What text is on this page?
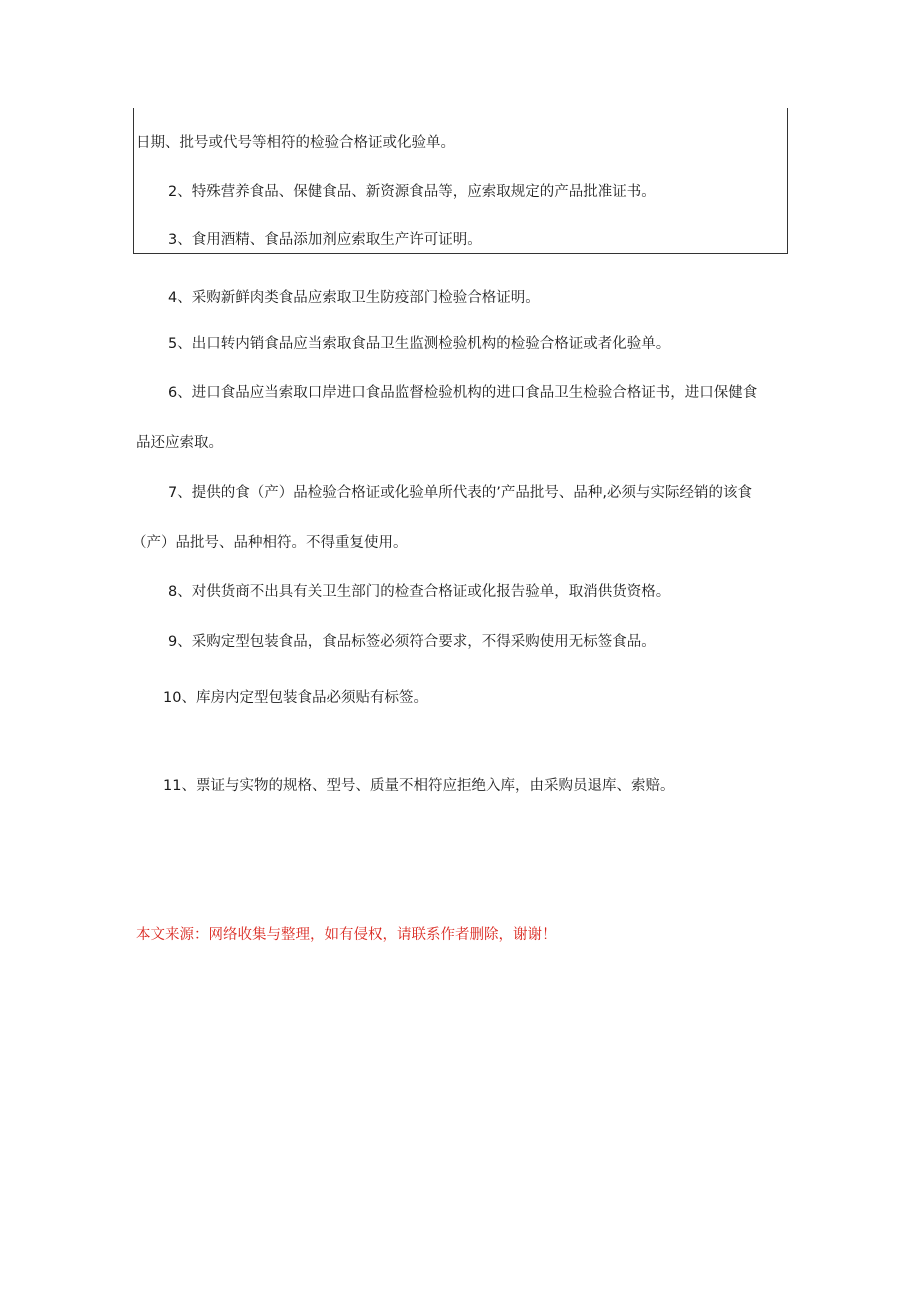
日期、批号或代号等相符的检验合格证或化验单。
2、特殊营养食品、保健食品、新资源食品等，应索取规定的产品批准证书。
3、食用酒精、食品添加剂应索取生产许可证明。
4、采购新鲜肉类食品应索取卫生防疫部门检验合格证明。
5、出口转内销食品应当索取食品卫生监测检验机构的检验合格证或者化验单。
6、进口食品应当索取口岸进口食品监督检验机构的进口食品卫生检验合格证书，进口保健食
品还应索取。
7、提供的食（产）品检验合格证或化验单所代表的’产品批号、品种,必须与实际经销的该食
（产）品批号、品种相符。不得重复使用。
8、对供货商不出具有关卫生部门的检查合格证或化报告验单，取消供货资格。
9、采购定型包装食品，食品标签必须符合要求，不得采购使用无标签食品。
10、库房内定型包装食品必须贴有标签。
11、票证与实物的规格、型号、质量不相符应拒绝入库，由采购员退库、索赔。
本文来源：网络收集与整理，如有侵权，请联系作者删除，谢谢！
